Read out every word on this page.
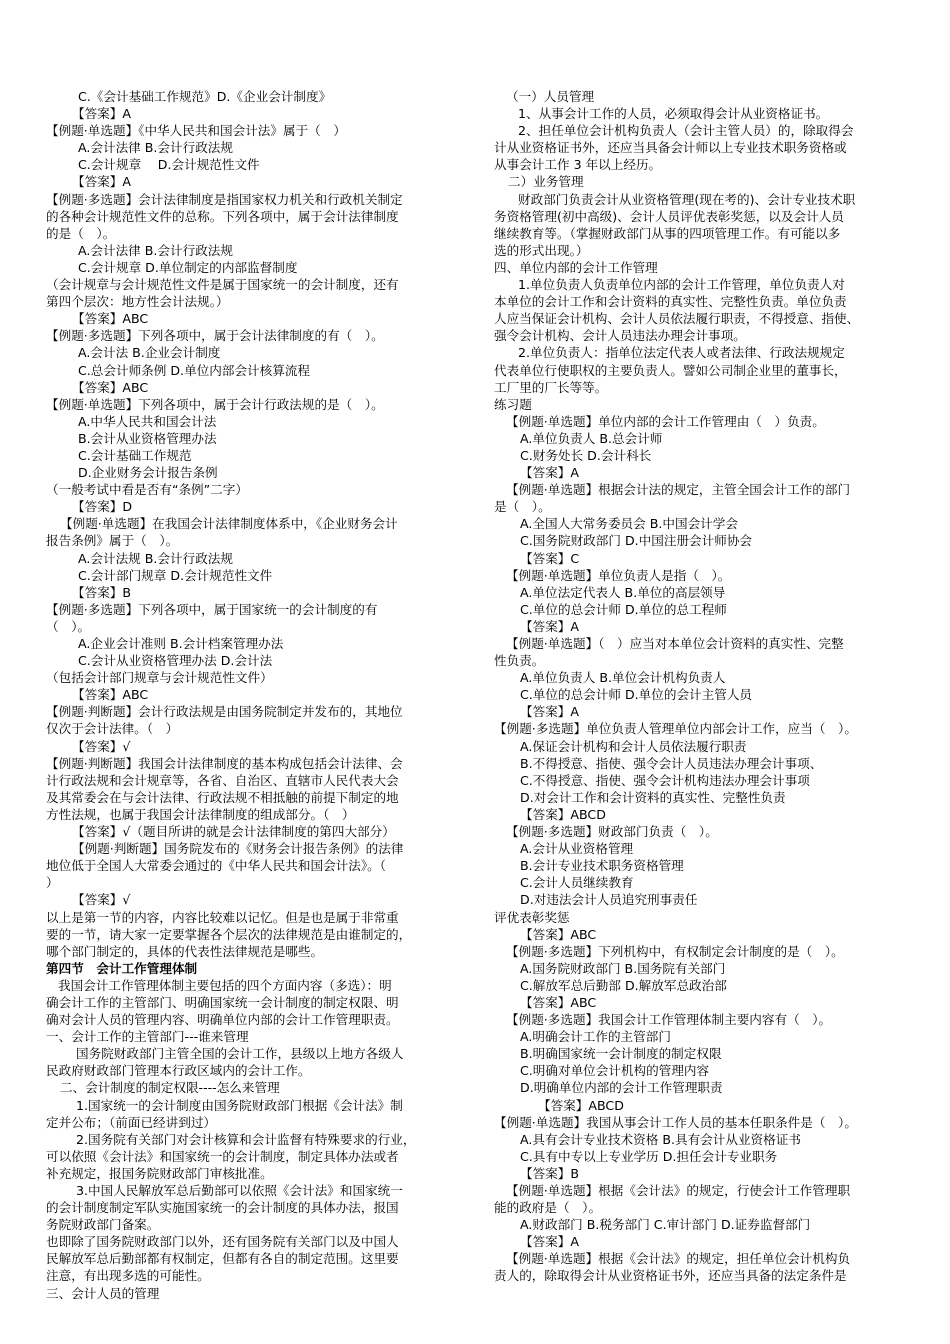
C.《会计基础工作规范》D.《企业会计制度》
【答案】A
【例题·单选题】《中华人民共和国会计法》属于（　）
A.会计法律 B.会计行政法规
C.会计规章　 D.会计规范性文件
【答案】A
【例题·多选题】会计法律制度是指国家权力机关和行政机关制定
的各种会计规范性文件的总称。下列各项中，属于会计法律制度
的是（　）。
A.会计法律 B.会计行政法规
C.会计规章 D.单位制定的内部监督制度
（会计规章与会计规范性文件是属于国家统一的会计制度，还有
第四个层次：地方性会计法规。）
【答案】ABC
【例题·多选题】下列各项中，属于会计法律制度的有（　）。
A.会计法 B.企业会计制度
C.总会计师条例 D.单位内部会计核算流程
【答案】ABC
【例题·单选题】下列各项中，属于会计行政法规的是（　）。
A.中华人民共和国会计法
B.会计从业资格管理办法
C.会计基础工作规范
D.企业财务会计报告条例
（一般考试中看是否有“条例”二字）
【答案】D
【例题·单选题】在我国会计法律制度体系中，《企业财务会计
报告条例》属于（　）。
A.会计法规 B.会计行政法规
C.会计部门规章 D.会计规范性文件
【答案】B
【例题·多选题】下列各项中，属于国家统一的会计制度的有
（　）。
A.企业会计准则 B.会计档案管理办法
C.会计从业资格管理办法 D.会计法
（包括会计部门规章与会计规范性文件）
【答案】ABC
【例题·判断题】会计行政法规是由国务院制定并发布的，其地位
仅次于会计法律。（　）
【答案】√
【例题·判断题】我国会计法律制度的基本构成包括会计法律、会
计行政法规和会计规章等，各省、自治区、直辖市人民代表大会
及其常委会在与会计法律、行政法规不相抵触的前提下制定的地
方性法规，也属于我国会计法律制度的组成部分。（　）
【答案】√（题目所讲的就是会计法律制度的第四大部分）
【例题·判断题】国务院发布的《财务会计报告条例》的法律
地位低于全国人大常委会通过的《中华人民共和国会计法》。（
）
【答案】√
以上是第一节的内容，内容比较难以记忆。但是也是属于非常重
要的一节，请大家一定要掌握各个层次的法律规范是由谁制定的，
哪个部门制定的，具体的代表性法律规范是哪些。
第四节　会计工作管理体制
我国会计工作管理体制主要包括的四个方面内容（多选）：明
确会计工作的主管部门、明确国家统一会计制度的制定权限、明
确对会计人员的管理内容、明确单位内部的会计工作管理职责。
一、会计工作的主管部门---谁来管理
国务院财政部门主管全国的会计工作，县级以上地方各级人
民政府财政部门管理本行政区域内的会计工作。
二、会计制度的制定权限----怎么来管理
1.国家统一的会计制度由国务院财政部门根据《会计法》制
定并公布；（前面已经讲到过）
2.国务院有关部门对会计核算和会计监督有特殊要求的行业，
可以依照《会计法》和国家统一的会计制度，制定具体办法或者
补充规定，报国务院财政部门审核批准。
3.中国人民解放军总后勤部可以依照《会计法》和国家统一
的会计制度制定军队实施国家统一的会计制度的具体办法，报国
务院财政部门备案。
也即除了国务院财政部门以外，还有国务院有关部门以及中国人
民解放军总后勤部都有权制定，但都有各自的制定范围。这里要
注意，有出现多选的可能性。
三、会计人员的管理
（一）人员管理
1、从事会计工作的人员，必须取得会计从业资格证书。
2、担任单位会计机构负责人（会计主管人员）的，除取得会
计从业资格证书外，还应当具备会计师以上专业技术职务资格或
从事会计工作 3 年以上经历。
二）业务管理
财政部门负责会计从业资格管理(现在考的)、会计专业技术职
务资格管理(初中高级)、会计人员评优表彰奖惩，以及会计人员
继续教育等。（掌握财政部门从事的四项管理工作。有可能以多
选的形式出现。）
四、单位内部的会计工作管理
1.单位负责人负责单位内部的会计工作管理，单位负责人对
本单位的会计工作和会计资料的真实性、完整性负责。单位负责
人应当保证会计机构、会计人员依法履行职责，不得授意、指使、
强令会计机构、会计人员违法办理会计事项。
2.单位负责人：指单位法定代表人或者法律、行政法规规定
代表单位行使职权的主要负责人。譬如公司制企业里的董事长，
工厂里的厂长等等。
练习题
【例题·单选题】单位内部的会计工作管理由（　）负责。
A.单位负责人 B.总会计师
C.财务处长 D.会计科长
【答案】A
【例题·单选题】根据会计法的规定，主管全国会计工作的部门
是（　）。
A.全国人大常务委员会 B.中国会计学会
C.国务院财政部门 D.中国注册会计师协会
【答案】C
【例题·单选题】单位负责人是指（　）。
A.单位法定代表人 B.单位的高层领导
C.单位的总会计师 D.单位的总工程师
【答案】A
【例题·单选题】（　）应当对本单位会计资料的真实性、完整
性负责。
A.单位负责人 B.单位会计机构负责人
C.单位的总会计师 D.单位的会计主管人员
【答案】A
【例题·多选题】单位负责人管理单位内部会计工作，应当（　）。
A.保证会计机构和会计人员依法履行职责
B.不得授意、指使、强令会计人员违法办理会计事项、
C.不得授意、指使、强令会计机构违法办理会计事项
D.对会计工作和会计资料的真实性、完整性负责
【答案】ABCD
【例题·多选题】财政部门负责（　）。
A.会计从业资格管理
B.会计专业技术职务资格管理
C.会计人员继续教育
D.对违法会计人员追究刑事责任
评优表彰奖惩
【答案】ABC
【例题·多选题】下列机构中，有权制定会计制度的是（　）。
A.国务院财政部门 B.国务院有关部门
C.解放军总后勤部 D.解放军总政治部
【答案】ABC
【例题·多选题】我国会计工作管理体制主要内容有（　）。
A.明确会计工作的主管部门
B.明确国家统一会计制度的制定权限
C.明确对单位会计机构的管理内容
D.明确单位内部的会计工作管理职责
【答案】ABCD
【例题·单选题】我国从事会计工作人员的基本任职条件是（　）。
A.具有会计专业技术资格 B.具有会计从业资格证书
C.具有中专以上专业学历 D.担任会计专业职务
【答案】B
【例题·单选题】根据《会计法》的规定，行使会计工作管理职
能的政府是（　）。
A.财政部门 B.税务部门 C.审计部门 D.证券监督部门
【答案】A
【例题·单选题】根据《会计法》的规定，担任单位会计机构负
责人的，除取得会计从业资格证书外，还应当具备的法定条件是
